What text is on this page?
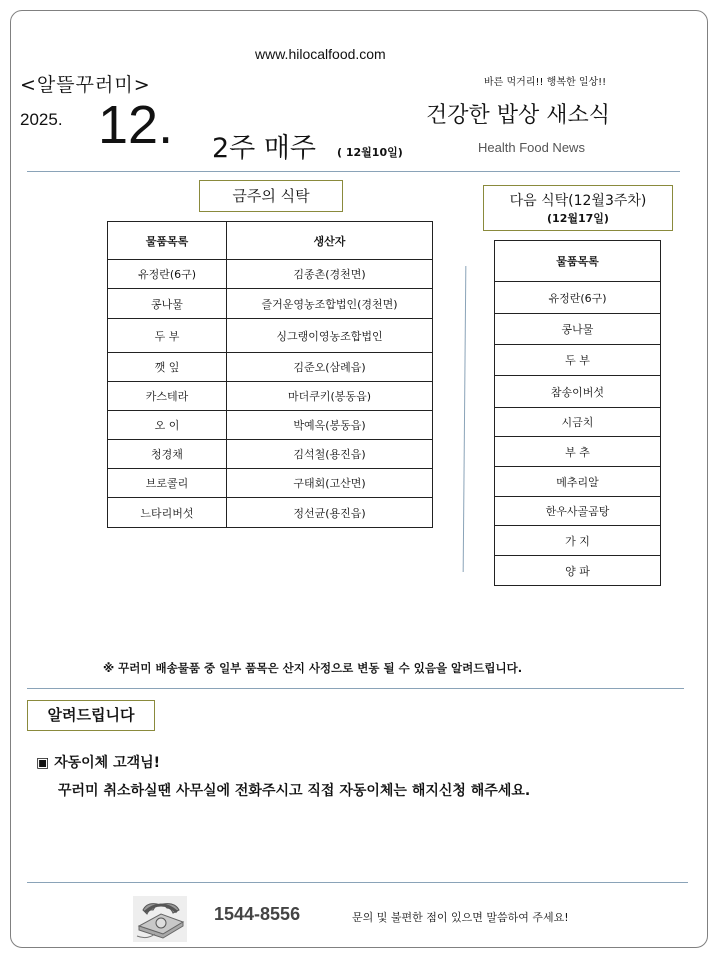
www.hilocalfood.com
<알뜰꾸러미>	바른 먹거리!! 행복한 일상!!
2025. 12. 2주 매주 ( 12월10일)
건강한 밥상 새소식
Health Food News
금주의 식탁
물품목록	생산자
유정란(6구)	김종촌(경천면)
콩나물	즐거운영농조합법인(경천면)
두 부	싱그랭이영농조합법인
깻 잎	김준오(삼례읍)
카스테라	마더쿠키(봉동읍)
오 이	박예옥(봉동읍)
청경채	김석철(용진읍)
브로콜리	구태회(고산면)
느타리버섯	정선균(용진읍)
다음 식탁(12월3주차)
(12월17일)
물품목록
유정란(6구)
콩나물
두 부
참송이버섯
시금치
부 추
메추리알
한우사골곰탕
가 지
양 파
※ 꾸러미 배송물품 중 일부 품목은 산지 사정으로 변동 될 수 있음을 알려드립니다.
알려드립니다
▣ 자동이체 고객님!
꾸러미 취소하실땐 사무실에 전화주시고 직접 자동이체는 해지신청 해주세요.
1544-8556	문의 및 불편한 점이 있으면 말씀하여 주세요!
